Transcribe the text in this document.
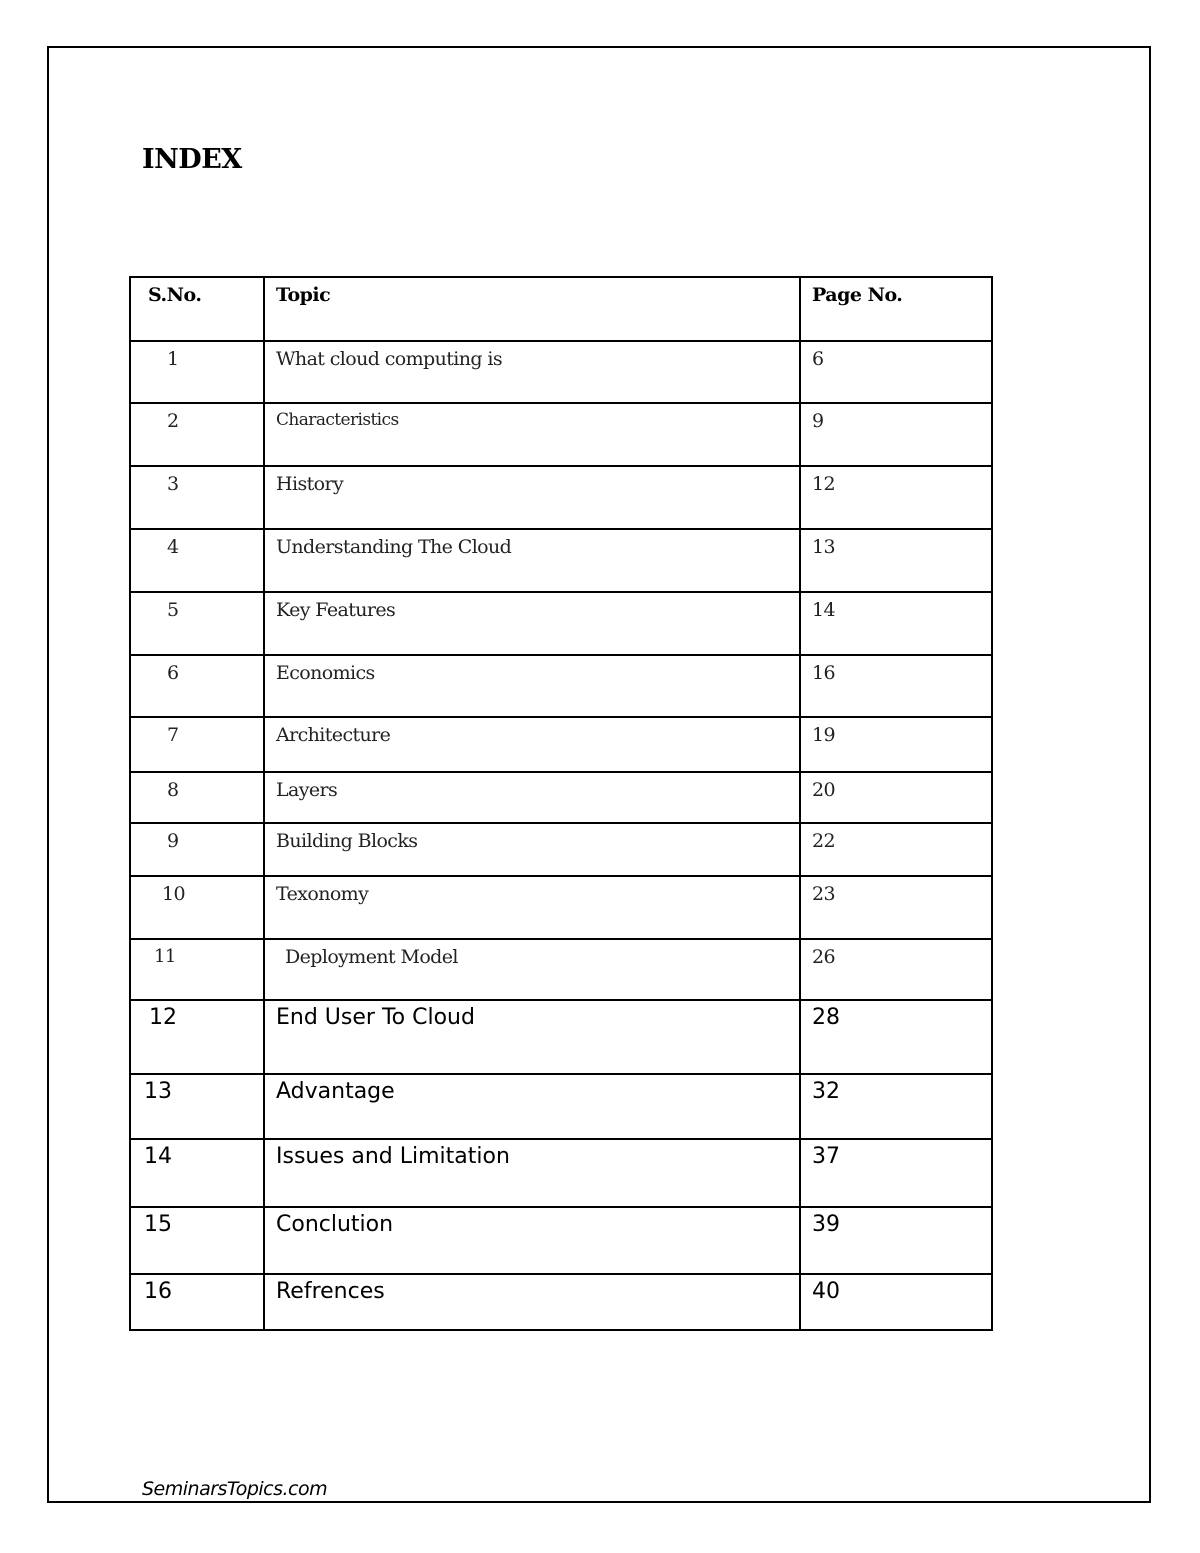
INDEX
S.No.	Topic	Page No.

1	What cloud computing is	6

2	Characteristics	9

3	History	12

4	Understanding The Cloud	13

5	Key Features	14

6	Economics	16

7	Architecture	19

8	Layers	20

9	Building Blocks	22

10	Texonomy	23

11	Deployment Model	26

12	End User To Cloud	28

13	Advantage	32

14	Issues and Limitation	37

15	Conclution	39

16	Refrences	40
SeminarsTopics.com
